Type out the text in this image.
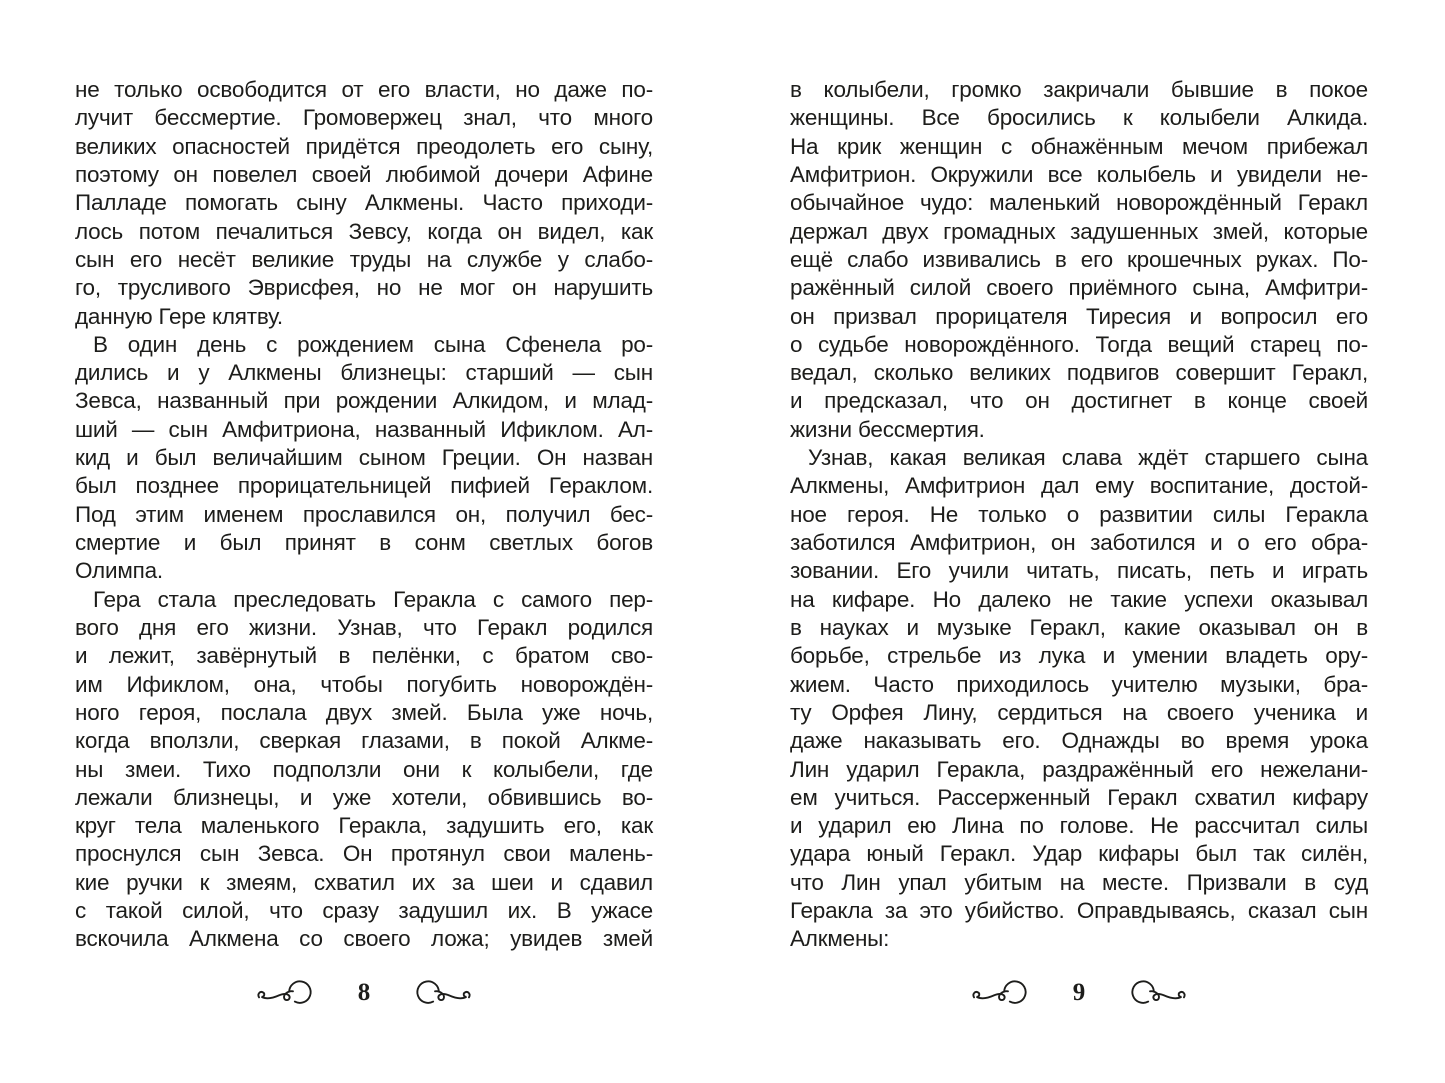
не только освободится от его власти, но даже по-
лучит бессмертие. Громовержец знал, что много
великих опасностей придётся преодолеть его сыну,
поэтому он повелел своей любимой дочери Афине
Палладе помогать сыну Алкмены. Часто приходи-
лось потом печалиться Зевсу, когда он видел, как
сын его несёт великие труды на службе у слабо-
го, трусливого Эврисфея, но не мог он нарушить
данную Гере клятву.
В один день с рождением сына Сфенела ро-
дились и у Алкмены близнецы: старший — сын
Зевса, названный при рождении Алкидом, и млад-
ший — сын Амфитриона, названный Ификлом. Ал-
кид и был величайшим сыном Греции. Он назван
был позднее прорицательницей пифией Гераклом.
Под этим именем прославился он, получил бес-
смертие и был принят в сонм светлых богов
Олимпа.
Гера стала преследовать Геракла с самого пер-
вого дня его жизни. Узнав, что Геракл родился
и лежит, завёрнутый в пелёнки, с братом сво-
им Ификлом, она, чтобы погубить новорождён-
ного героя, послала двух змей. Была уже ночь,
когда вползли, сверкая глазами, в покой Алкме-
ны змеи. Тихо подползли они к колыбели, где
лежали близнецы, и уже хотели, обвившись во-
круг тела маленького Геракла, задушить его, как
проснулся сын Зевса. Он протянул свои малень-
кие ручки к змеям, схватил их за шеи и сдавил
с такой силой, что сразу задушил их. В ужасе
вскочила Алкмена со своего ложа; увидев змей
в колыбели, громко закричали бывшие в покое
женщины. Все бросились к колыбели Алкида.
На крик женщин с обнажённым мечом прибежал
Амфитрион. Окружили все колыбель и увидели не-
обычайное чудо: маленький новорождённый Геракл
держал двух громадных задушенных змей, которые
ещё слабо извивались в его крошечных руках. По-
ражённый силой своего приёмного сына, Амфитри-
он призвал прорицателя Тиресия и вопросил его
о судьбе новорождённого. Тогда вещий старец по-
ведал, сколько великих подвигов совершит Геракл,
и предсказал, что он достигнет в конце своей
жизни бессмертия.
Узнав, какая великая слава ждёт старшего сына
Алкмены, Амфитрион дал ему воспитание, достой-
ное героя. Не только о развитии силы Геракла
заботился Амфитрион, он заботился и о его обра-
зовании. Его учили читать, писать, петь и играть
на кифаре. Но далеко не такие успехи оказывал
в науках и музыке Геракл, какие оказывал он в
борьбе, стрельбе из лука и умении владеть ору-
жием. Часто приходилось учителю музыки, бра-
ту Орфея Лину, сердиться на своего ученика и
даже наказывать его. Однажды во время урока
Лин ударил Геракла, раздражённый его нежелани-
ем учиться. Рассерженный Геракл схватил кифару
и ударил ею Лина по голове. Не рассчитал силы
удара юный Геракл. Удар кифары был так силён,
что Лин упал убитым на месте. Призвали в суд
Геракла за это убийство. Оправдываясь, сказал сын
Алкмены:
8	9
